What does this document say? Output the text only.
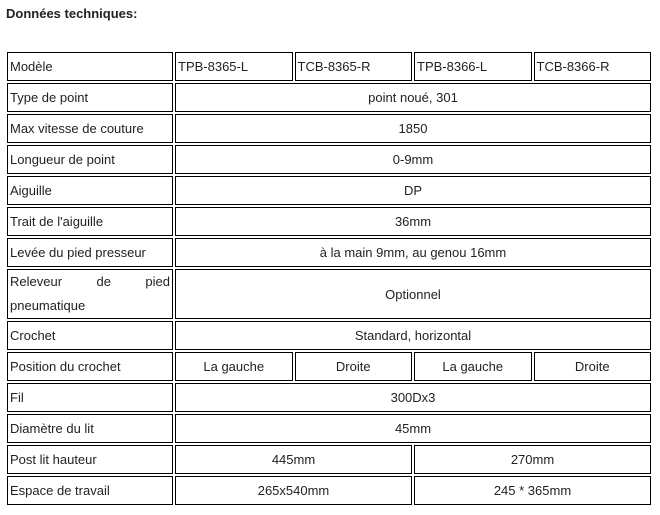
Données techniques:
Modèle	TPB-8365-L	TCB-8365-R	TPB-8366-L	TCB-8366-R
Type de point	point noué, 301			
Max vitesse de couture	1850			
Longueur de point	0-9mm			
Aiguille	DP			
Trait de l'aiguille	36mm			
Levée du pied presseur	à la main 9mm, au genou 16mm			
Releveur de pied pneumatique	Optionnel			
Crochet	Standard, horizontal			
Position du crochet	La gauche	Droite	La gauche	Droite
Fil	300Dx3			
Diamètre du lit	45mm			
Post lit hauteur	445mm		270mm	
Espace de travail	265x540mm		245 * 365mm	
